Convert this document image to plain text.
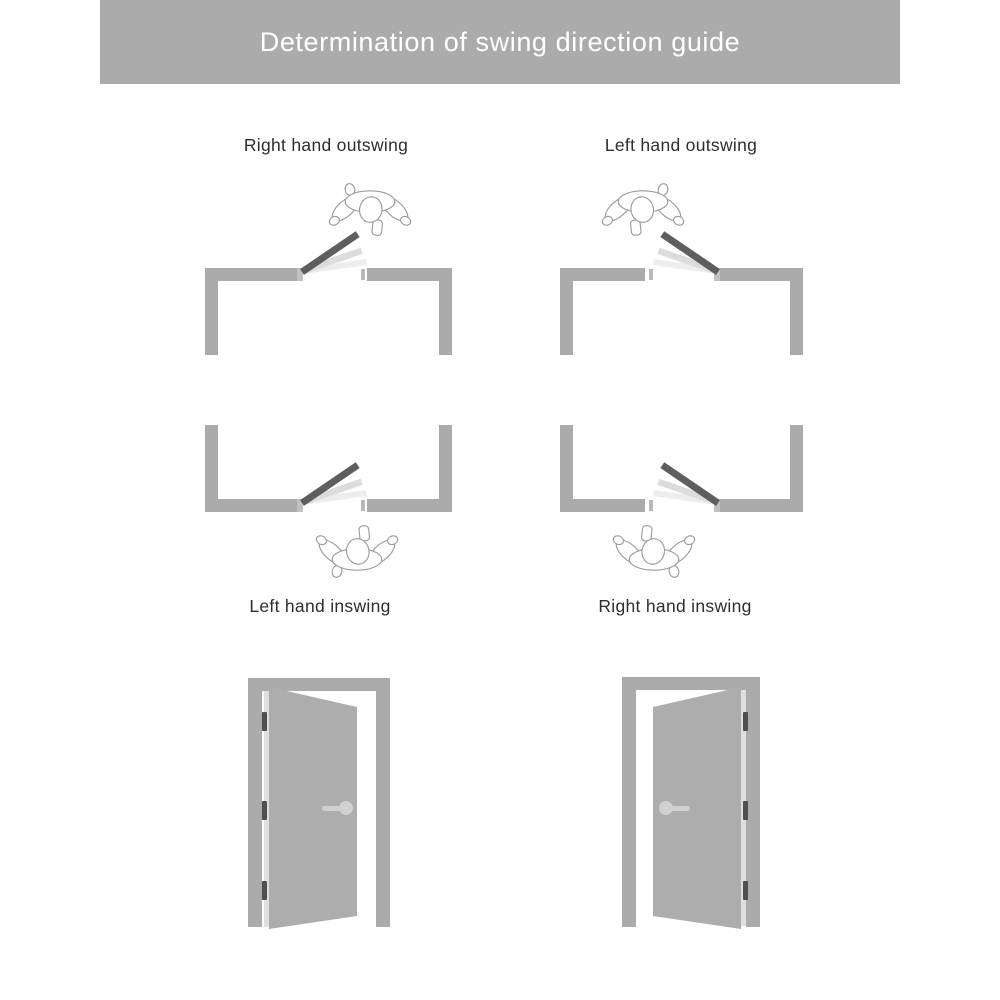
Determination of swing direction guide
Right hand outswing	Left hand outswing
Left hand inswing	Right hand inswing
